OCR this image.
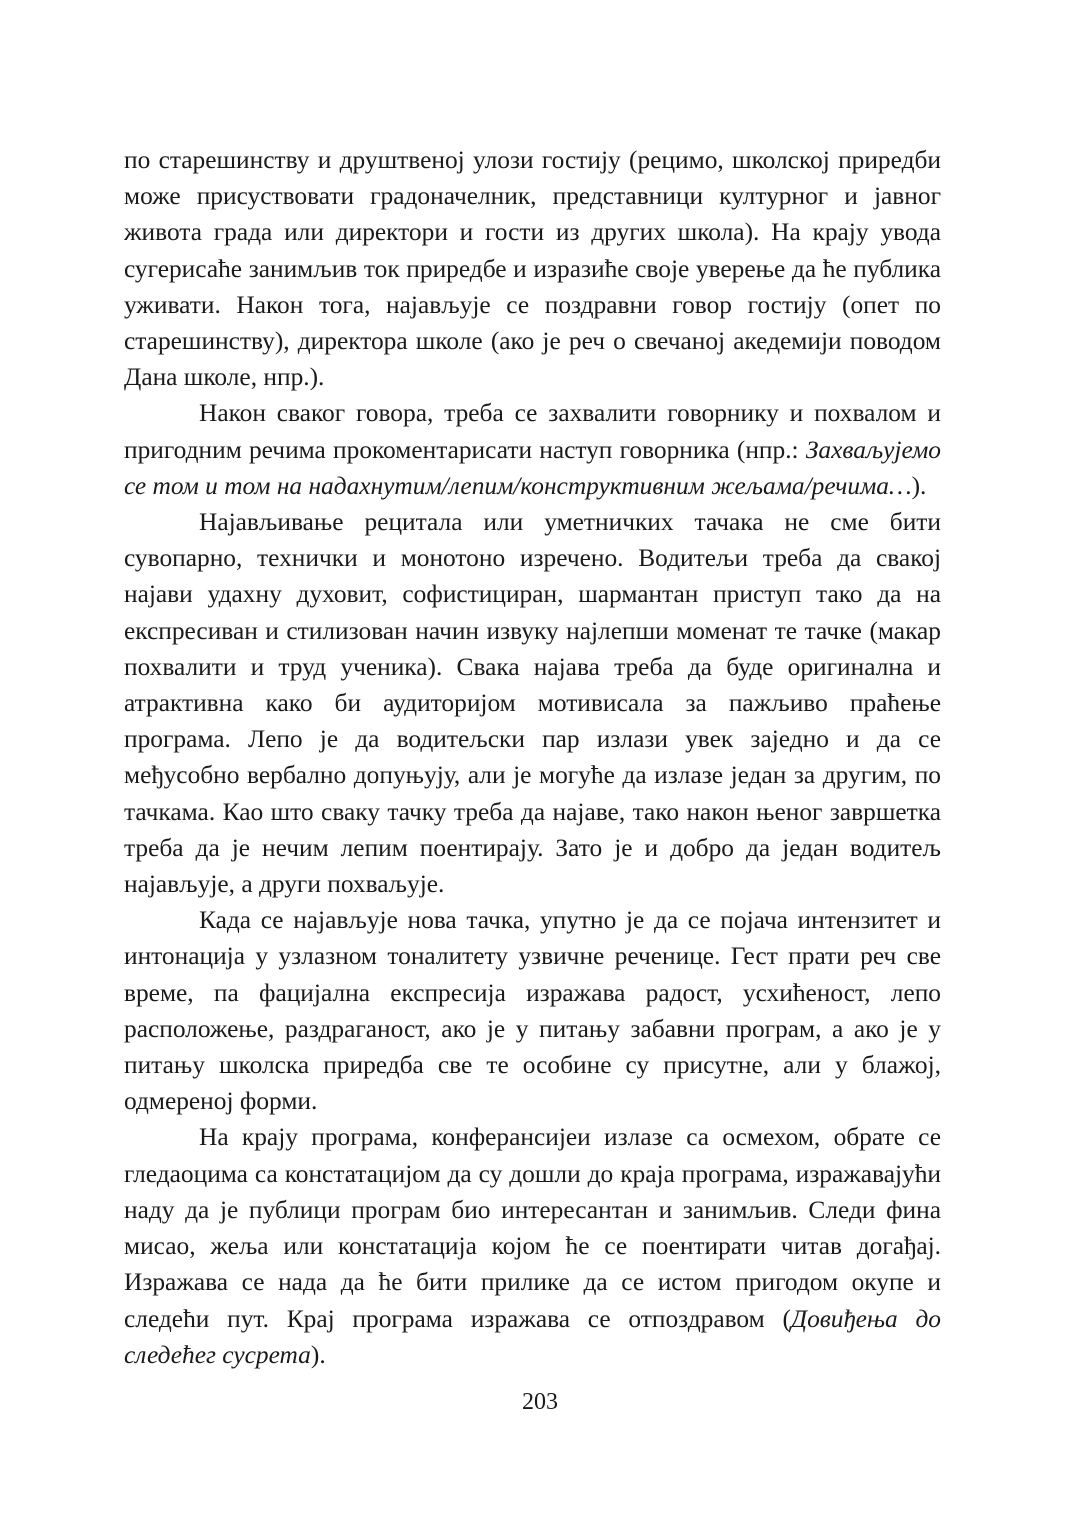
по старешинству и друштвеној улози гостију (рецимо, школској приредби може присуствовати градоначелник, представници културног и јавног живота града или директори и гости из других школа). На крају увода сугерисаће занимљив ток приредбе и изразиће своје уверење да ће публика уживати. Након тога, најављује се поздравни говор гостију (опет по старешинству), директора школе (ако је реч о свечаној акедемији поводом Дана школе, нпр.).

Након сваког говора, треба се захвалити говорнику и похвалом и пригодним речима прокоментарисати наступ говорника (нпр.: Захваљујемо се том и том на надахнутим/лепим/конструктивним жељама/речима…).

Најављивање рецитала или уметничких тачака не сме бити сувопарно, технички и монотоно изречено. Водитељи треба да свакој најави удахну духовит, софистициран, шармантан приступ тако да на експресиван и стилизован начин извуку најлепши моменат те тачке (макар похвалити и труд ученика). Свака најава треба да буде оригинална и атрактивна како би аудиторијом мотивисала за пажљиво праћење програма. Лепо је да водитељски пар излази увек заједно и да се међусобно вербално допуњују, али је могуће да излазе један за другим, по тачкама. Као што сваку тачку треба да најаве, тако након њеног завршетка треба да је нечим лепим поентирају. Зато је и добро да један водитељ најављује, а други похваљује.

Када се најављује нова тачка, упутно је да се појача интензитет и интонација у узлазном тоналитету узвичне реченице. Гест прати реч све време, па фацијална експресија изражава радост, усхићеност, лепо расположење, раздраганост, ако је у питању забавни програм, а ако је у питању школска приредба све те особине су присутне, али у блажој, одмереној форми.

На крају програма, конферансијеи излазе са осмехом, обрате се гледаоцима са констатацијом да су дошли до краја програма, изражавајући наду да је публици програм био интересантан и занимљив. Следи фина мисао, жеља или констатација којом ће се поентирати читав догађај. Изражава се нада да ће бити прилике да се истом пригодом окупе и следећи пут. Крај програма изражава се отпоздравом (Довиђења до следећег сусрета).

203
